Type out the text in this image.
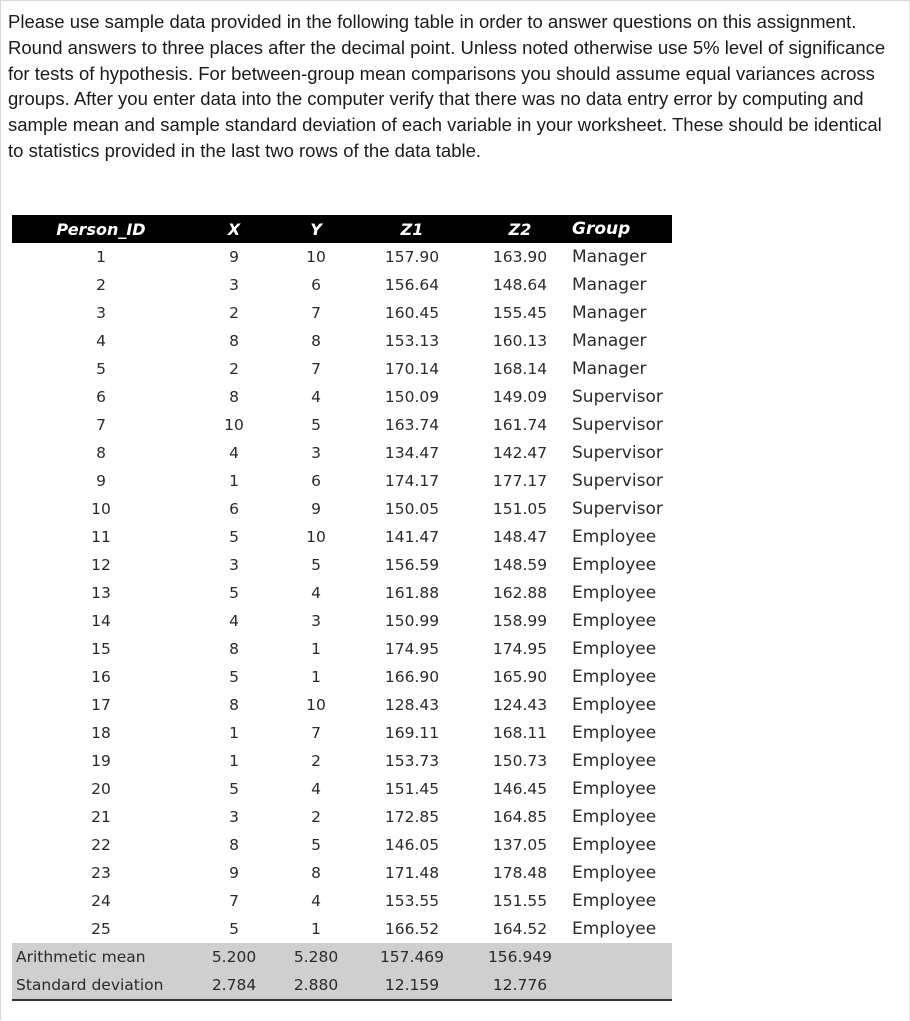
Please use sample data provided in the following table in order to answer questions on this assignment. Round answers to three places after the decimal point. Unless noted otherwise use 5% level of significance for tests of hypothesis. For between-group mean comparisons you should assume equal variances across groups. After you enter data into the computer verify that there was no data entry error by computing and sample mean and sample standard deviation of each variable in your worksheet. These should be identical to statistics provided in the last two rows of the data table.

Person_ID	X	Y	Z1	Z2	Group
1	9	10	157.90	163.90	Manager
2	3	6	156.64	148.64	Manager
3	2	7	160.45	155.45	Manager
4	8	8	153.13	160.13	Manager
5	2	7	170.14	168.14	Manager
6	8	4	150.09	149.09	Supervisor
7	10	5	163.74	161.74	Supervisor
8	4	3	134.47	142.47	Supervisor
9	1	6	174.17	177.17	Supervisor
10	6	9	150.05	151.05	Supervisor
11	5	10	141.47	148.47	Employee
12	3	5	156.59	148.59	Employee
13	5	4	161.88	162.88	Employee
14	4	3	150.99	158.99	Employee
15	8	1	174.95	174.95	Employee
16	5	1	166.90	165.90	Employee
17	8	10	128.43	124.43	Employee
18	1	7	169.11	168.11	Employee
19	1	2	153.73	150.73	Employee
20	5	4	151.45	146.45	Employee
21	3	2	172.85	164.85	Employee
22	8	5	146.05	137.05	Employee
23	9	8	171.48	178.48	Employee
24	7	4	153.55	151.55	Employee
25	5	1	166.52	164.52	Employee
Arithmetic mean	5.200	5.280	157.469	156.949	
Standard deviation	2.784	2.880	12.159	12.776	
